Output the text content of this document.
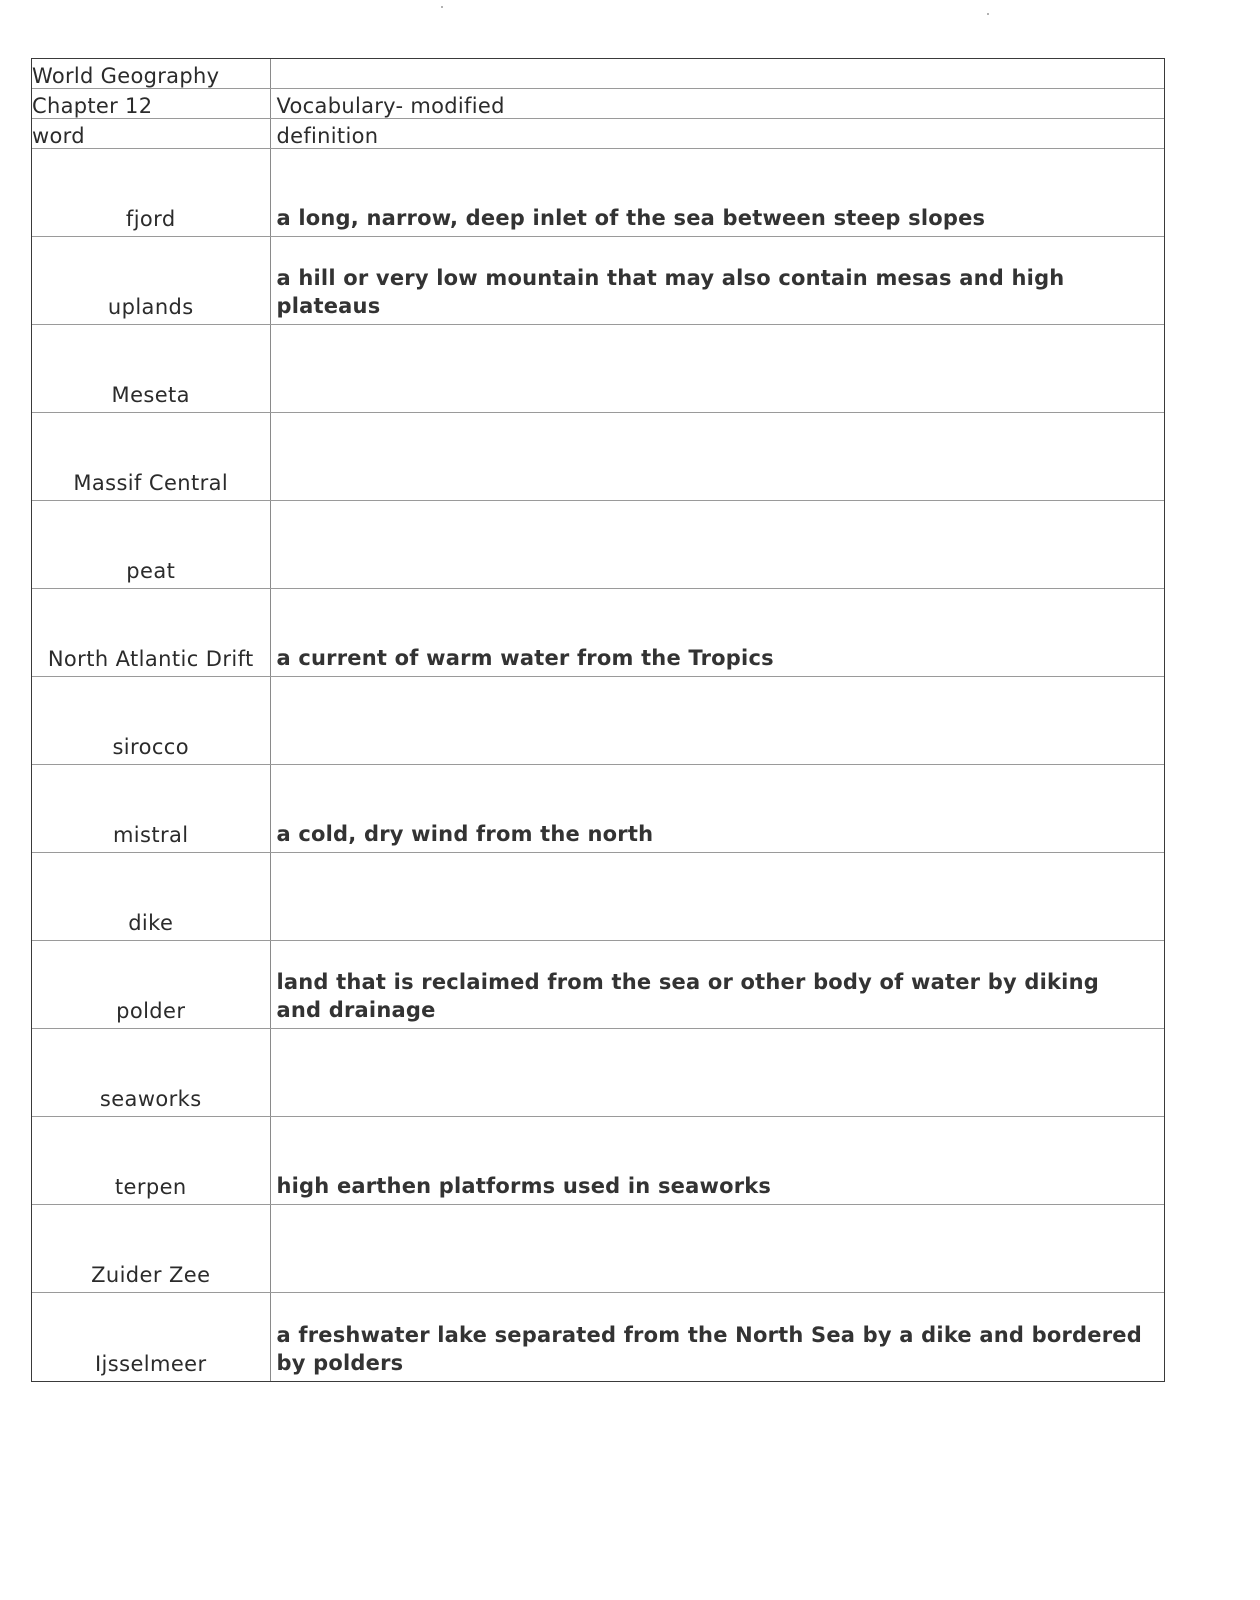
World Geography	
Chapter 12	Vocabulary- modified
word	definition
fjord	a long, narrow, deep inlet of the sea between steep slopes
uplands	a hill or very low mountain that may also contain mesas and high plateaus
Meseta	
Massif Central	
peat	
North Atlantic Drift	a current of warm water from the Tropics
sirocco	
mistral	a cold, dry wind from the north
dike	
polder	land that is reclaimed from the sea or other body of water by diking and drainage
seaworks	
terpen	high earthen platforms used in seaworks
Zuider Zee	
Ijsselmeer	a freshwater lake separated from the North Sea by a dike and bordered by polders
